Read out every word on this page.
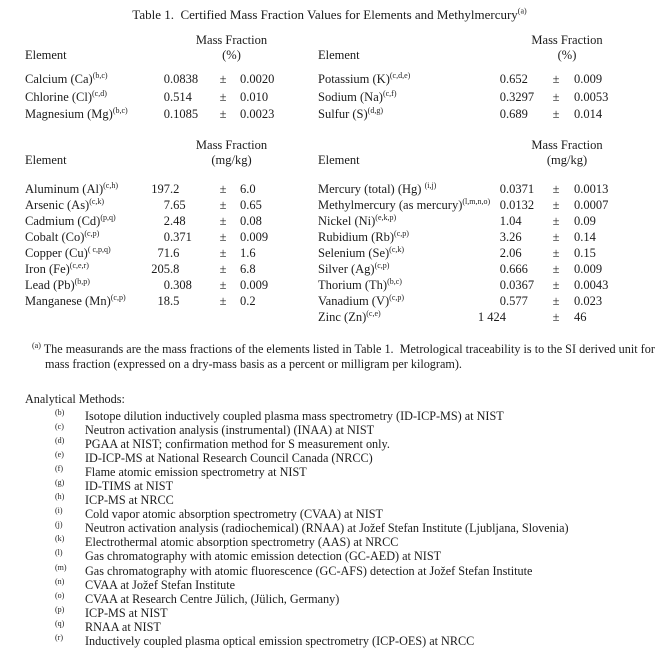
Table 1.  Certified Mass Fraction Values for Elements and Methylmercury$^{(a)}$
Mass Fraction
Element	(%)
Calcium $(Ca)^{(b,c)}$	0 .0838	±	0.0020
Chlorine $(Cl)^{(c,d)}$	0 .514	±	0.010
Magnesium $(Mg)^{(b,c)}$	0 .1085	±	0.0023
Mass Fraction
Element	(%)
Potassium $(K)^{(c,d,e)}$	0 .652	±	0.009
Sodium $(Na)^{(c,f)}$	0 .3297	±	0.0053
Sulfur $(S)^{(d,g)}$	0 .689	±	0.014
Mass Fraction
Element	(mg/kg)
Aluminum $(Al)^{(c,h)}$	197 .2	±	6.0
Arsenic $(As)^{(c,k)}$	7 .65	±	0.65
Cadmium $(Cd)^{(p,q)}$	2 .48	±	0.08
Cobalt $(Co)^{(c,p)}$	0 .371	±	0.009
Copper $(Cu)^{( c,p,q)}$	71 .6	±	1.6
Iron $(Fe)^{(c,e,r)}$	205 .8	±	6.8
Lead $(Pb)^{(b,p)}$	0 .308	±	0.009
Manganese $(Mn)^{(c,p)}$	18 .5	±	0.2
Mass Fraction
Element	(mg/kg)
Mercury (total) (Hg) $^{(i,j)}$	0 .0371	±	0.0013
Methylmercury (as mercury)$^{(l,m,n,o)}$ 0 .0132	±	0.0007
Nickel $(Ni)^{(e,k,p)}$	1 .04	±	0.09
Rubidium $(Rb)^{(c,p)}$	3 .26	±	0.14
Selenium $(Se)^{(c,k)}$	2 .06	±	0.15
Silver $(Ag)^{(c,p)}$	0 .666	±	0.009
Thorium $(Th)^{(b,c)}$	0 .0367	±	0.0043
Vanadium $(V)^{(c,p)}$	0 .577	±	0.023
Zinc $(Zn)^{(c,e)}$	1 424	±	46
$^{(a)}$ The measurands are the mass fractions of the elements listed in Table 1.  Metrological traceability is to the SI derived unit for mass fraction (expressed on a dry-mass basis as a percent or milligram per kilogram).
Analytical Methods:
$^{(b)}$	Isotope dilution inductively coupled plasma mass spectrometry (ID-ICP-MS) at NIST
$^{(c)}$	Neutron activation analysis (instrumental) (INAA) at NIST
$^{(d)}$	PGAA at NIST; confirmation method for S measurement only.
$^{(e)}$	ID-ICP-MS at National Research Council Canada (NRCC)
$^{(f)}$	Flame atomic emission spectrometry at NIST
$^{(g)}$	ID-TIMS at NIST
$^{(h)}$	ICP-MS at NRCC
$^{(i)}$	Cold vapor atomic absorption spectrometry (CVAA) at NIST
$^{(j)}$	Neutron activation analysis (radiochemical) (RNAA) at Jožef Stefan Institute (Ljubljana, Slovenia)
$^{(k)}$	Electrothermal atomic absorption spectrometry (AAS) at NRCC
$^{(l)}$	Gas chromatography with atomic emission detection (GC-AED) at NIST
$^{(m)}$	Gas chromatography with atomic fluorescence (GC-AFS) detection at Jožef Stefan Institute
$^{(n)}$	CVAA at Jožef Stefan Institute
$^{(o)}$	CVAA at Research Centre Jülich, (Jülich, Germany)
$^{(p)}$	ICP-MS at NIST
$^{(q)}$	RNAA at NIST
$^{(r)}$	Inductively coupled plasma optical emission spectrometry (ICP-OES) at NRCC
